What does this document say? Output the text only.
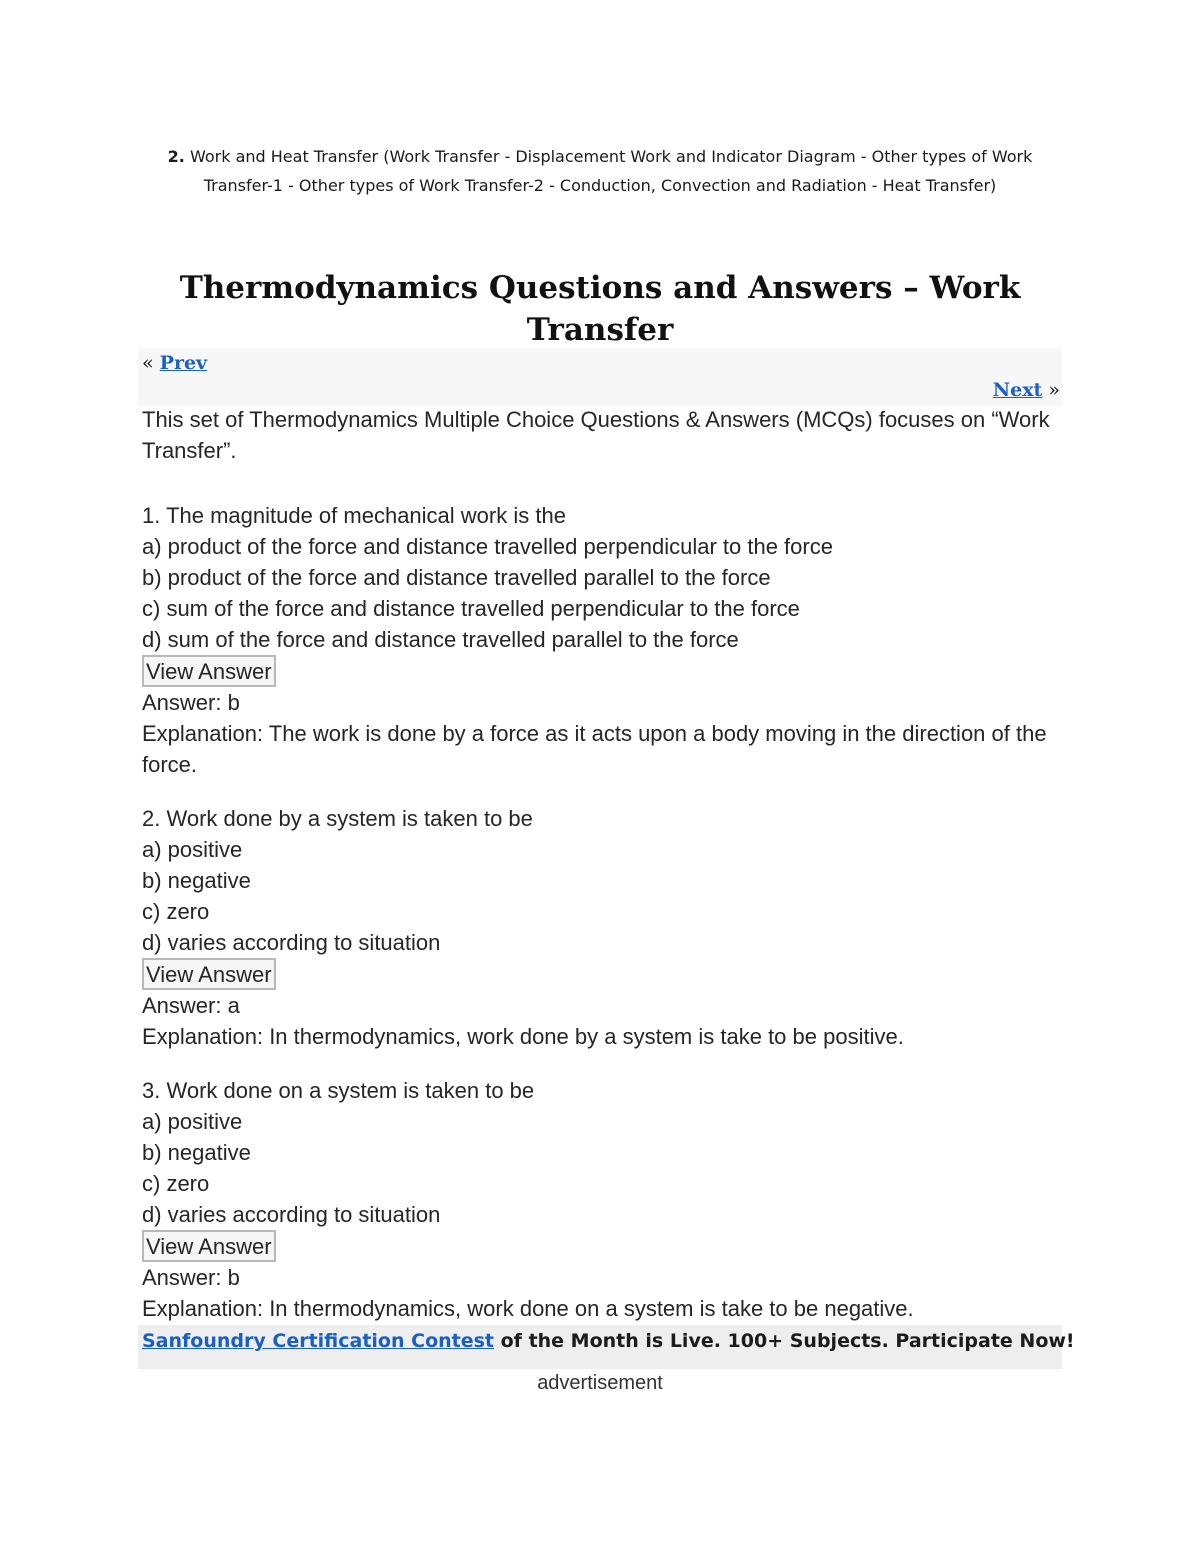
2. Work and Heat Transfer (Work Transfer - Displacement Work and Indicator Diagram - Other types of Work Transfer-1 - Other types of Work Transfer-2 - Conduction, Convection and Radiation - Heat Transfer)
Thermodynamics Questions and Answers – Work Transfer
« Prev
Next »

This set of Thermodynamics Multiple Choice Questions & Answers (MCQs) focuses on “Work Transfer”.

1. The magnitude of mechanical work is the
a) product of the force and distance travelled perpendicular to the force
b) product of the force and distance travelled parallel to the force
c) sum of the force and distance travelled perpendicular to the force
d) sum of the force and distance travelled parallel to the force
View Answer
Answer: b
Explanation: The work is done by a force as it acts upon a body moving in the direction of the force.
2. Work done by a system is taken to be
a) positive
b) negative
c) zero
d) varies according to situation
View Answer
Answer: a
Explanation: In thermodynamics, work done by a system is take to be positive.
3. Work done on a system is taken to be
a) positive
b) negative
c) zero
d) varies according to situation
View Answer
Answer: b
Explanation: In thermodynamics, work done on a system is take to be negative.
Sanfoundry Certification Contest of the Month is Live. 100+ Subjects. Participate Now!
advertisement
